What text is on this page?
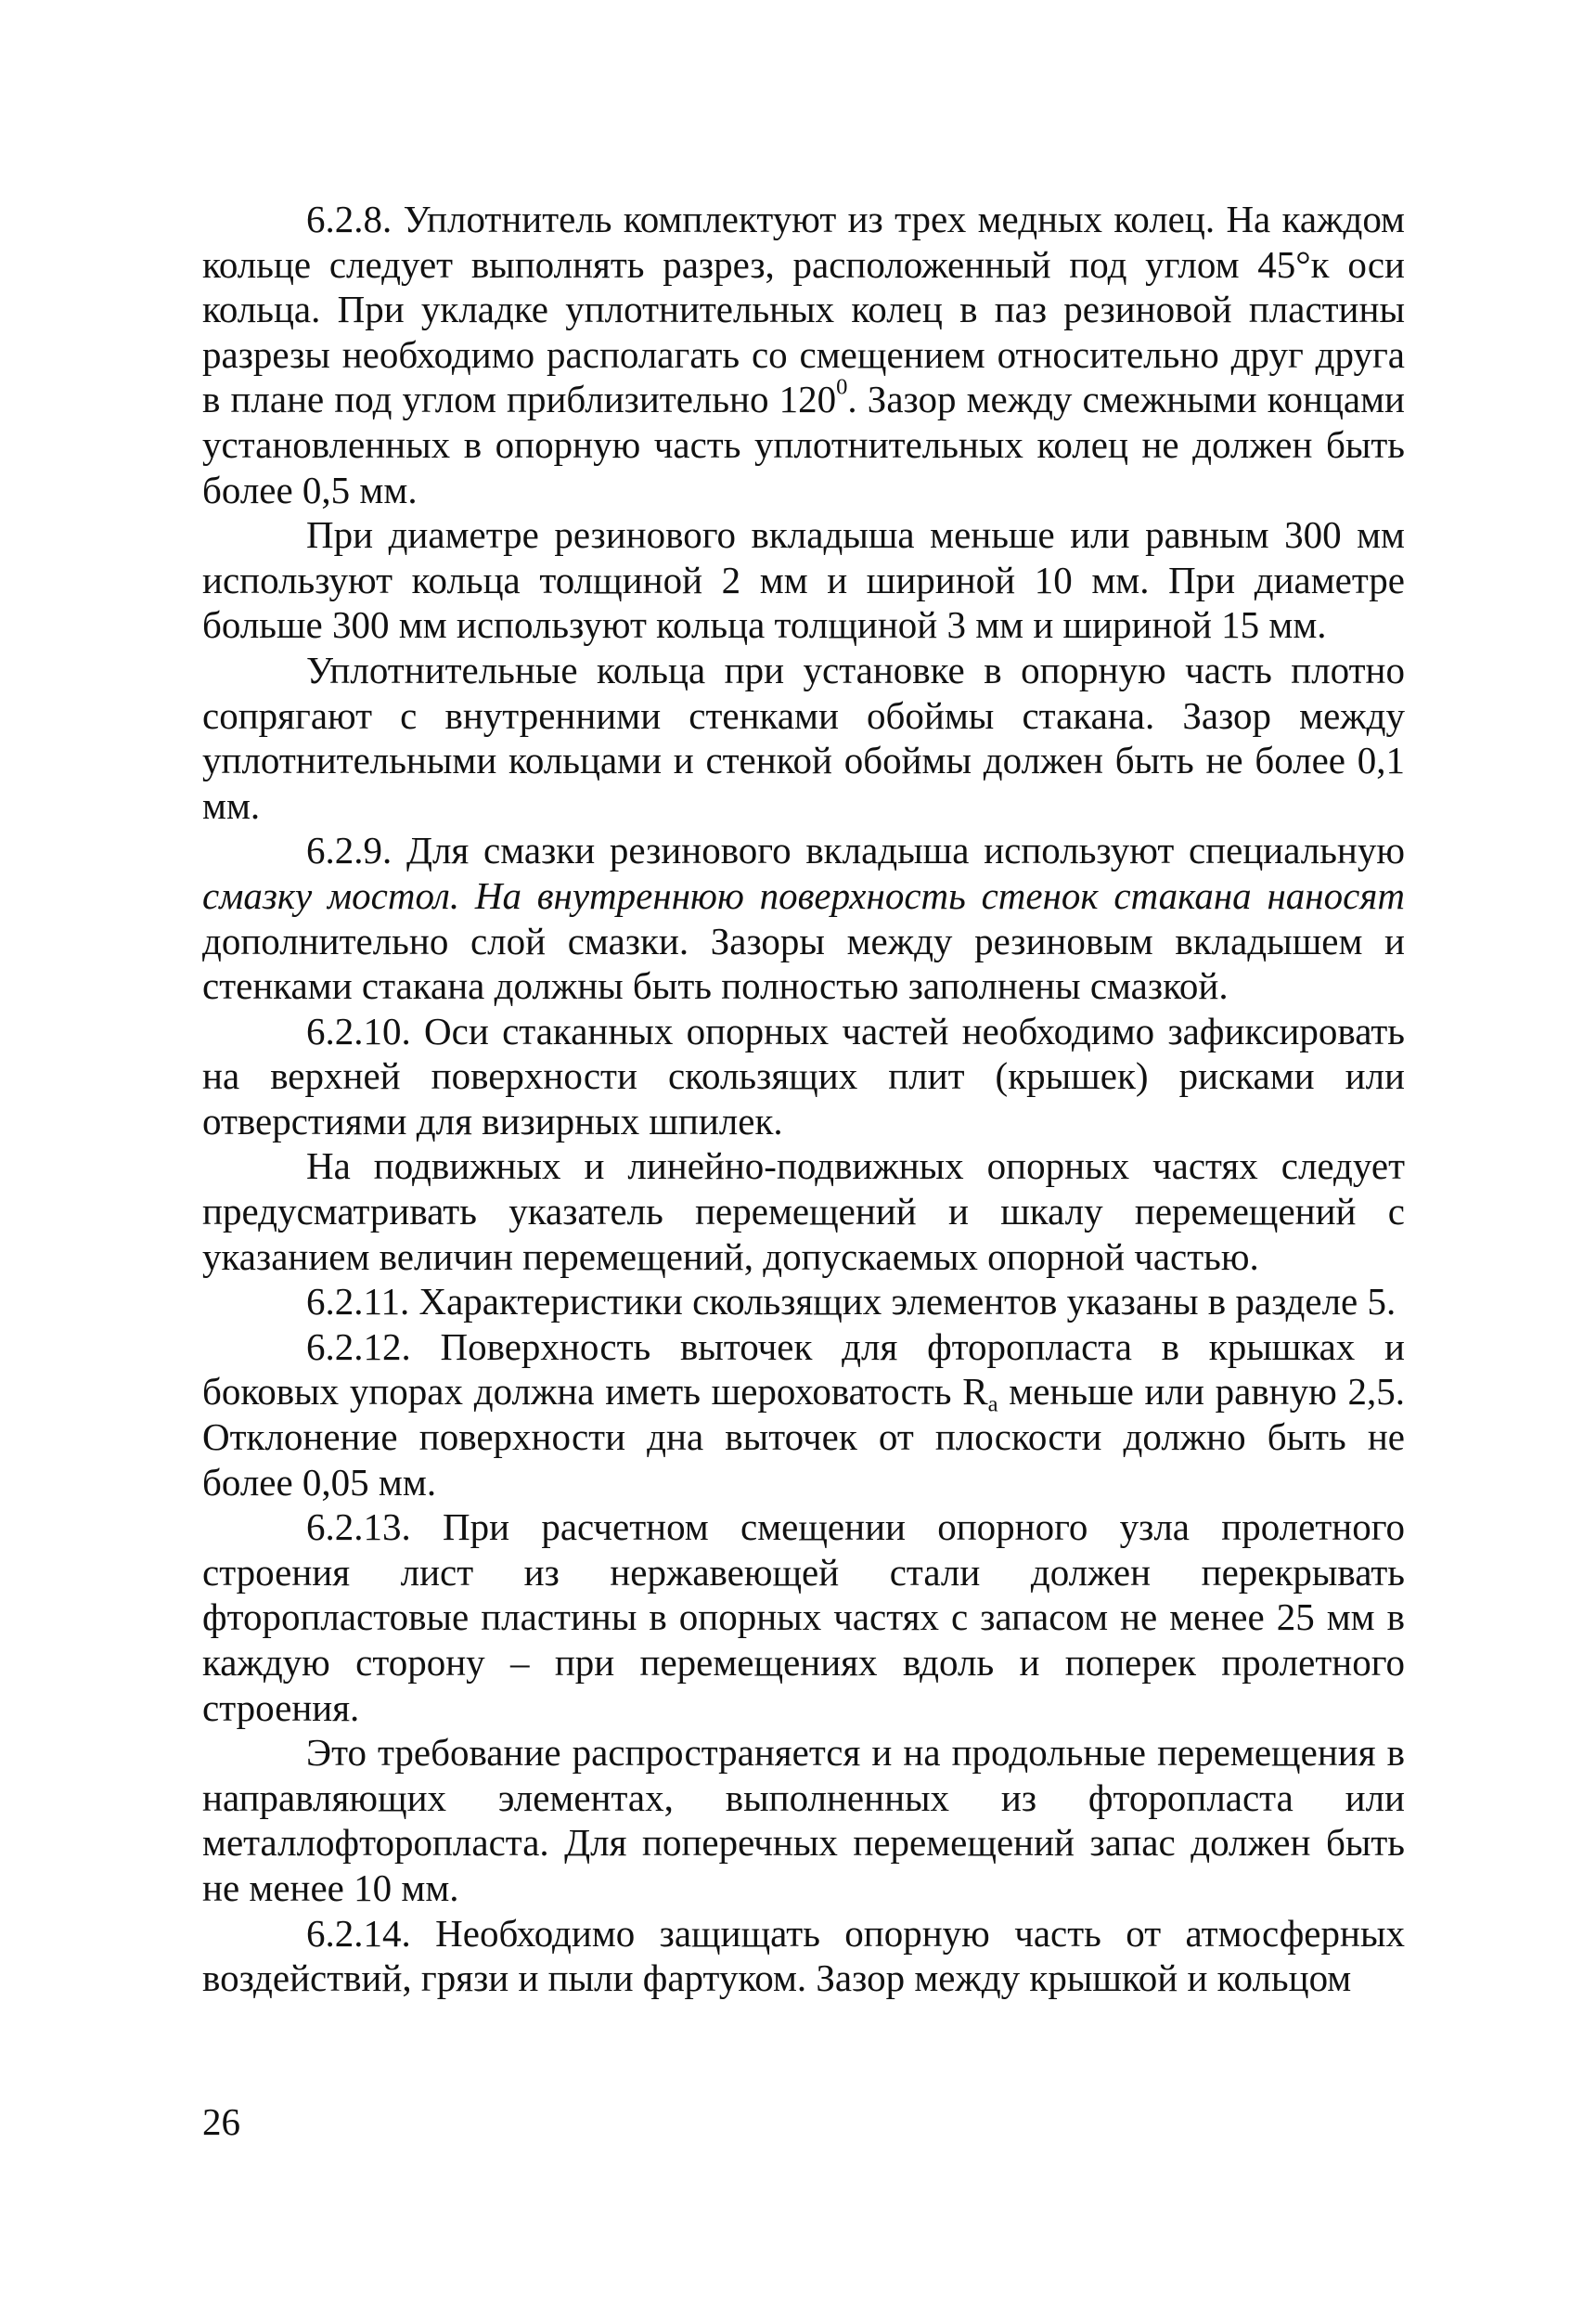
6.2.8. Уплотнитель комплектуют из трех медных колец. На каждом кольце следует выполнять разрез, расположенный под углом 45°к оси кольца. При укладке уплотнительных колец в паз резиновой пластины разрезы необходимо располагать со смещением относительно друг друга в плане под углом приблизительно $120^0$. Зазор между смежными концами установленных в опорную часть уплотнительных колец не должен быть более 0,5 мм.

При диаметре резинового вкладыша меньше или равным 300 мм используют кольца толщиной 2 мм и шириной 10 мм. При диаметре больше 300 мм используют кольца толщиной 3 мм и шириной 15 мм.

Уплотнительные кольца при установке в опорную часть плотно сопрягают с внутренними стенками обоймы стакана. Зазор между уплотнительными кольцами и стенкой обоймы должен быть не более 0,1 мм.

6.2.9. Для смазки резинового вкладыша используют специальную смазку мостол. На внутреннюю поверхность стенок стакана наносят дополнительно слой смазки. Зазоры между резиновым вкладышем и стенками стакана должны быть полностью заполнены смазкой.

6.2.10. Оси стаканных опорных частей необходимо зафиксировать на верхней поверхности скользящих плит (крышек) рисками или отверстиями для визирных шпилек.

На подвижных и линейно-подвижных опорных частях следует предусматривать указатель перемещений и шкалу перемещений с указанием величин перемещений, допускаемых опорной частью.

6.2.11. Характеристики скользящих элементов указаны в разделе 5.

6.2.12. Поверхность выточек для фторопласта в крышках и боковых упорах должна иметь шероховатость $R_a$ меньше или равную 2,5. Отклонение поверхности дна выточек от плоскости должно быть не более 0,05 мм.

6.2.13. При расчетном смещении опорного узла пролетного строения лист из нержавеющей стали должен перекрывать фторопластовые пластины в опорных частях с запасом не менее 25 мм в каждую сторону – при перемещениях вдоль и поперек пролетного строения.

Это требование распространяется и на продольные перемещения в направляющих элементах, выполненных из фторопласта или металлофторопласта. Для поперечных перемещений запас должен быть не менее 10 мм.

6.2.14. Необходимо защищать опорную часть от атмосферных воздействий, грязи и пыли фартуком. Зазор между крышкой и кольцом

26
